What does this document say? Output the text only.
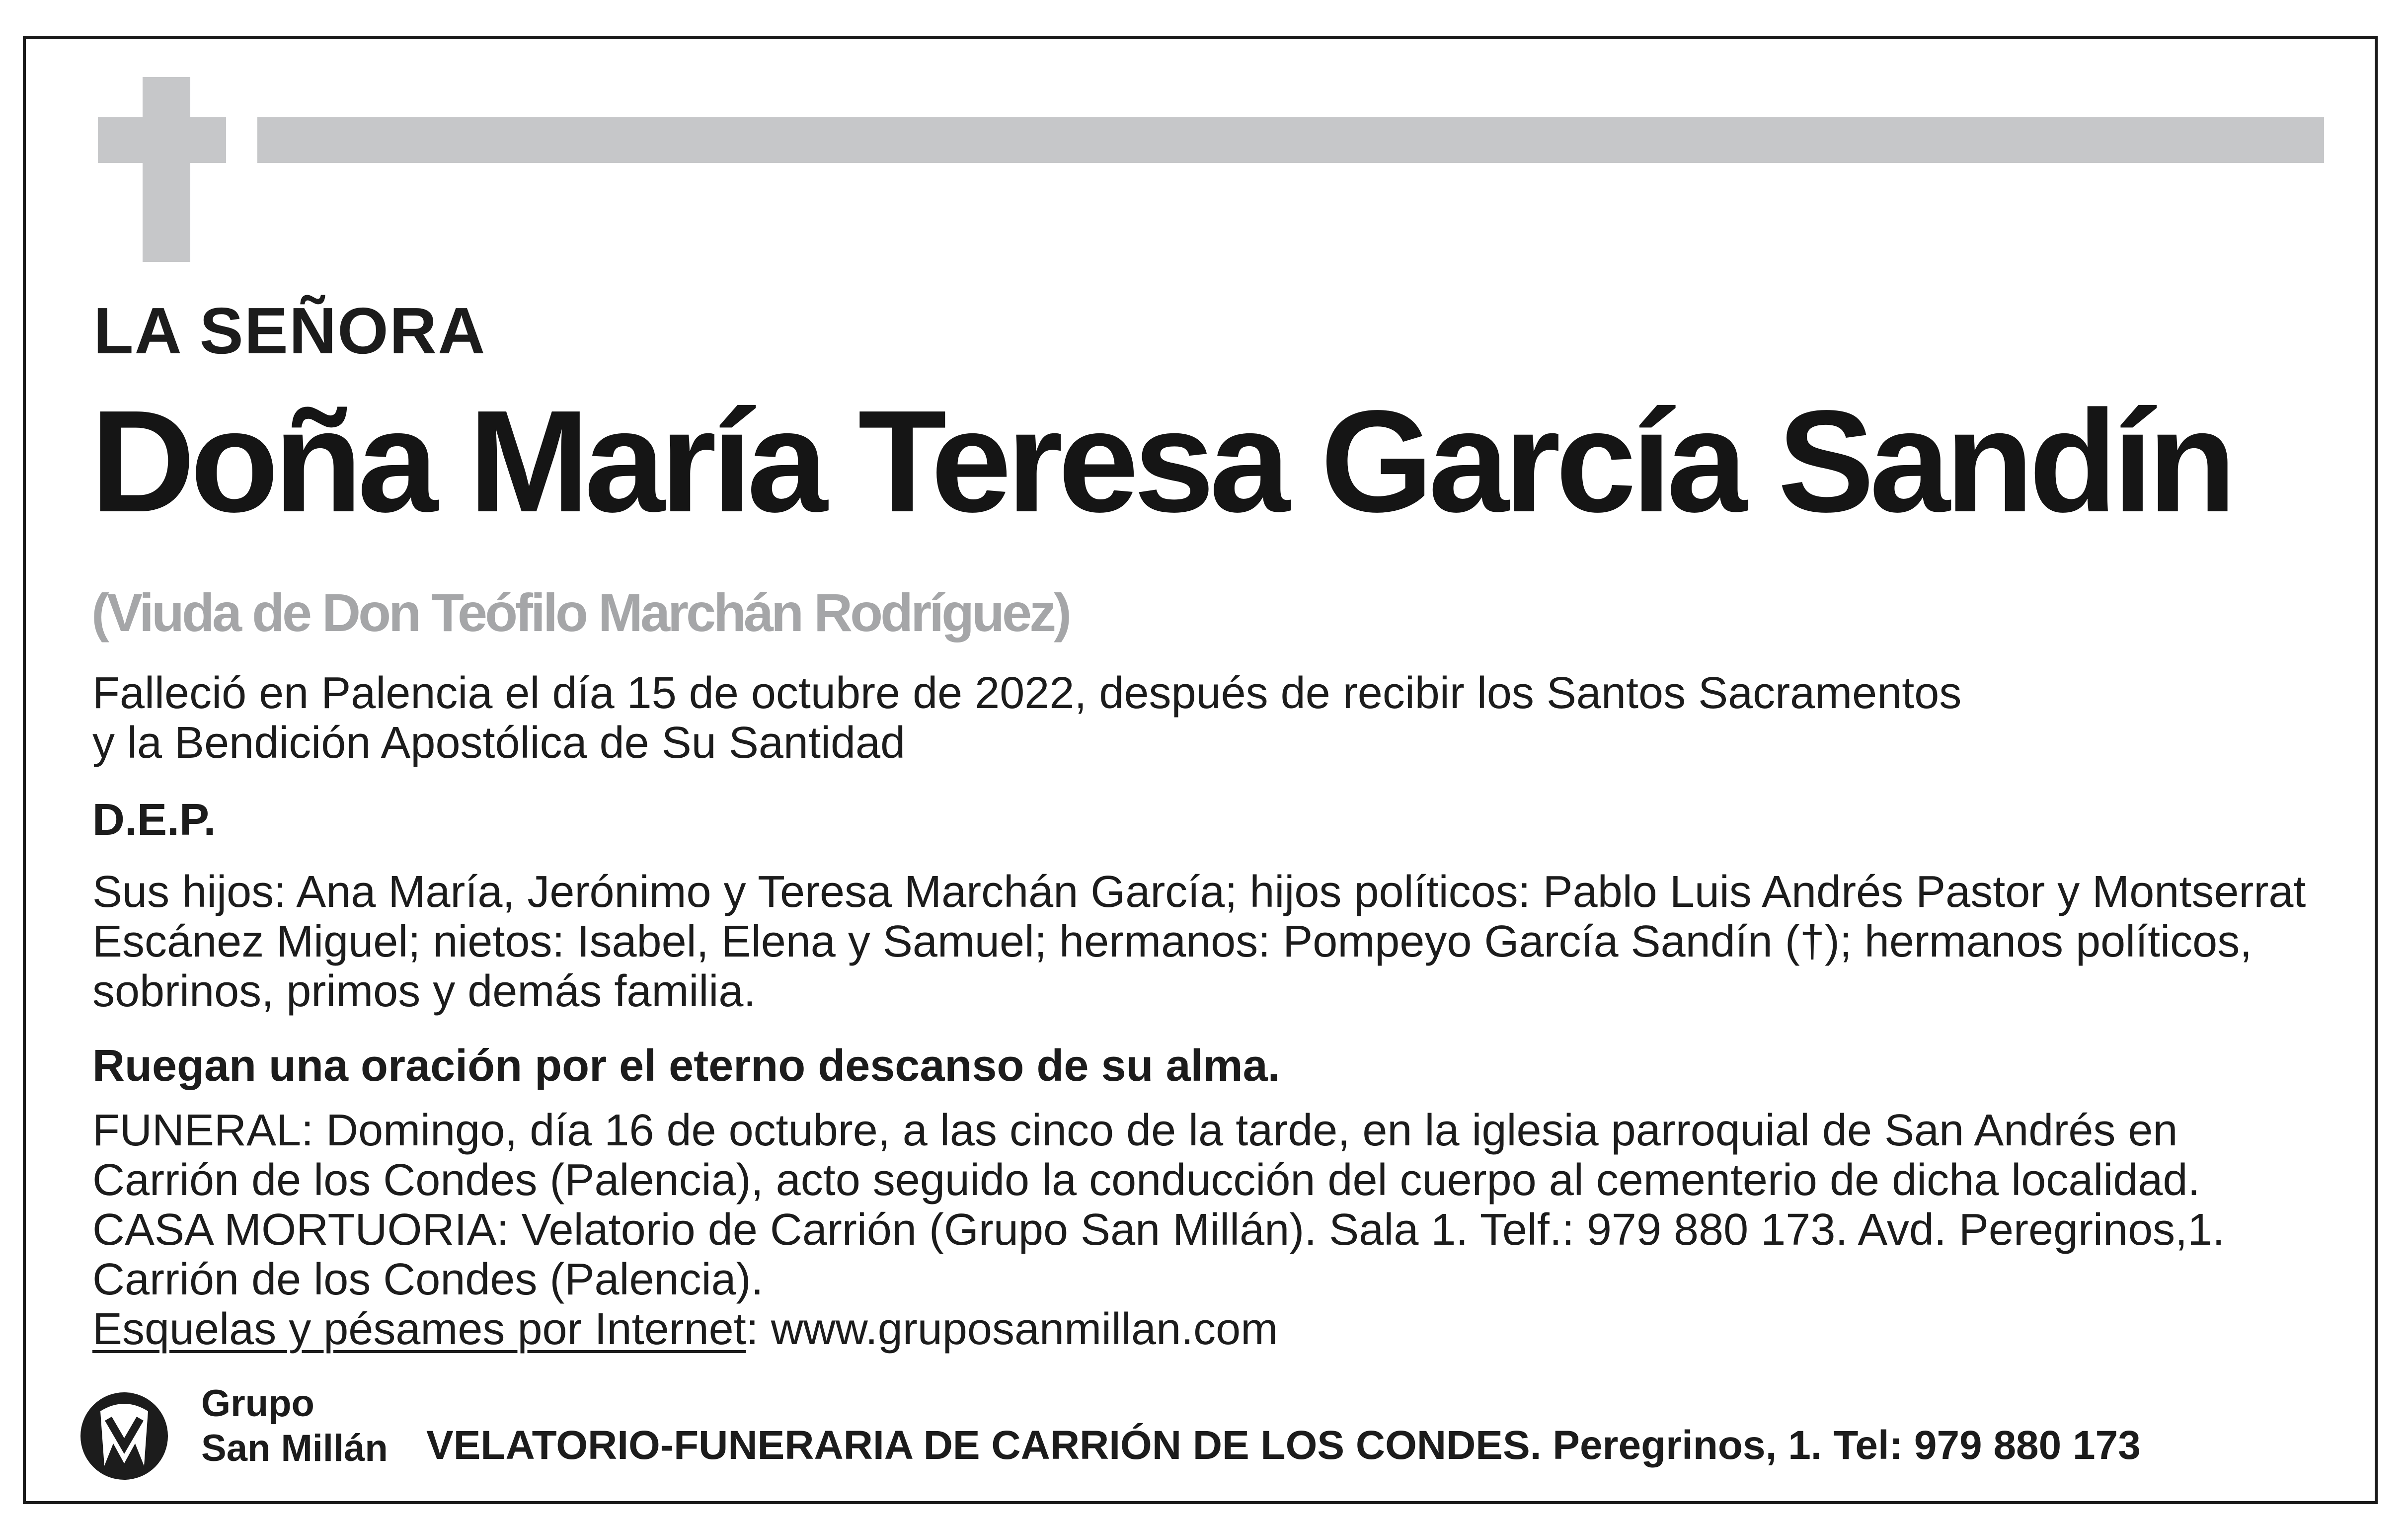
LA SEÑORA
Doña María Teresa García Sandín
(Viuda de Don Teófilo Marchán Rodríguez)
Falleció en Palencia el día 15 de octubre de 2022, después de recibir los Santos Sacramentos
y la Bendición Apostólica de Su Santidad
D.E.P.
Sus hijos: Ana María, Jerónimo y Teresa Marchán García; hijos políticos: Pablo Luis Andrés Pastor y Montserrat
Escánez Miguel; nietos: Isabel, Elena y Samuel; hermanos: Pompeyo García Sandín (†); hermanos políticos,
sobrinos, primos y demás familia.
Ruegan una oración por el eterno descanso de su alma.
FUNERAL: Domingo, día 16 de octubre, a las cinco de la tarde, en la iglesia parroquial de San Andrés en
Carrión de los Condes (Palencia), acto seguido la conducción del cuerpo al cementerio de dicha localidad.
CASA MORTUORIA: Velatorio de Carrión (Grupo San Millán). Sala 1. Telf.: 979 880 173. Avd. Peregrinos,1.
Carrión de los Condes (Palencia).
Esquelas y pésames por Internet: www.gruposanmillan.com
Grupo
San Millán VELATORIO-FUNERARIA DE CARRIÓN DE LOS CONDES. Peregrinos, 1. Tel: 979 880 173
